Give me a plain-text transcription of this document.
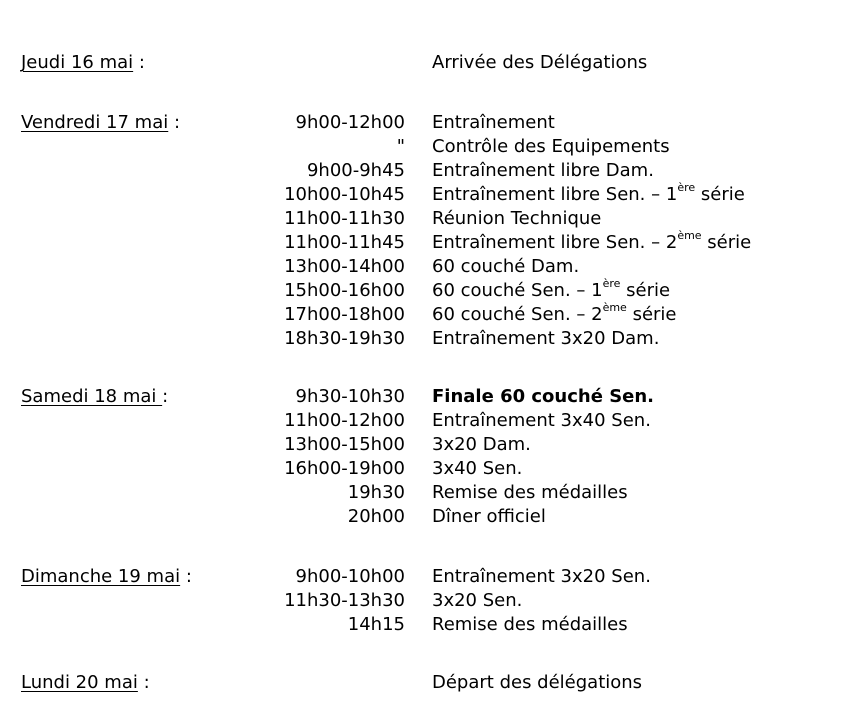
Jeudi 16 mai :	Arrivée des Délégations
Vendredi 17 mai :	9h00-12h00 Entraînement
" Contrôle des Equipements
9h00-9h45 Entraînement libre Dam.
10h00-10h45 Entraînement libre Sen. – 1ère série
11h00-11h30 Réunion Technique
11h00-11h45 Entraînement libre Sen. – 2ème série
13h00-14h00 60 couché Dam.
15h00-16h00 60 couché Sen. – 1ère série
17h00-18h00 60 couché Sen. – 2ème série
18h30-19h30 Entraînement 3x20 Dam.
Samedi 18 mai :	9h30-10h30 Finale 60 couché Sen.
11h00-12h00 Entraînement 3x40 Sen.
13h00-15h00 3x20 Dam.
16h00-19h00 3x40 Sen.
19h30 Remise des médailles
20h00 Dîner officiel
Dimanche 19 mai :	9h00-10h00 Entraînement 3x20 Sen.
11h30-13h30 3x20 Sen.
14h15 Remise des médailles
Lundi 20 mai :	Départ des délégations
